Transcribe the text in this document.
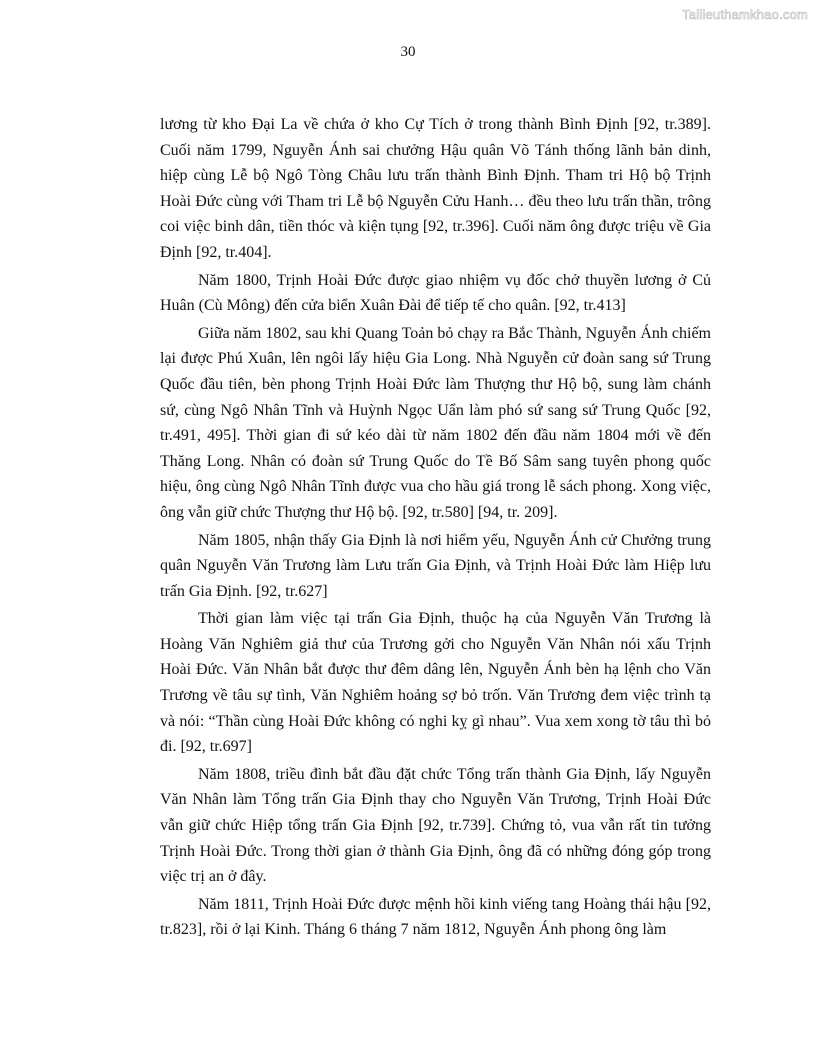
Tailieuthamkhao.com
30

lương từ kho Đại La về chứa ở kho Cự Tích ở trong thành Bình Định [92, tr.389]. Cuối năm 1799, Nguyễn Ánh sai chưởng Hậu quân Võ Tánh thống lãnh bản dinh, hiệp cùng Lễ bộ Ngô Tòng Châu lưu trấn thành Bình Định. Tham tri Hộ bộ Trịnh Hoài Đức cùng với Tham tri Lễ bộ Nguyễn Cửu Hanh… đều theo lưu trấn thần, trông coi việc binh dân, tiền thóc và kiện tụng [92, tr.396]. Cuối năm ông được triệu về Gia Định [92, tr.404].

Năm 1800, Trịnh Hoài Đức được giao nhiệm vụ đốc chở thuyền lương ở Củ Huân (Cù Mông) đến cửa biển Xuân Đài để tiếp tế cho quân. [92, tr.413]

Giữa năm 1802, sau khi Quang Toản bỏ chạy ra Bắc Thành, Nguyễn Ánh chiếm lại được Phú Xuân, lên ngôi lấy hiệu Gia Long. Nhà Nguyễn cử đoàn sang sứ Trung Quốc đầu tiên, bèn phong Trịnh Hoài Đức làm Thượng thư Hộ bộ, sung làm chánh sứ, cùng Ngô Nhân Tĩnh và Huỳnh Ngọc Uẩn làm phó sứ sang sứ Trung Quốc [92, tr.491, 495]. Thời gian đi sứ kéo dài từ năm 1802 đến đầu năm 1804 mới về đến Thăng Long. Nhân có đoàn sứ Trung Quốc do Tề Bố Sâm sang tuyên phong quốc hiệu, ông cùng Ngô Nhân Tĩnh được vua cho hầu giá trong lễ sách phong. Xong việc, ông vẫn giữ chức Thượng thư Hộ bộ. [92, tr.580] [94, tr. 209].

Năm 1805, nhận thấy Gia Định là nơi hiểm yếu, Nguyễn Ánh cử Chưởng trung quân Nguyễn Văn Trương làm Lưu trấn Gia Định, và Trịnh Hoài Đức làm Hiệp lưu trấn Gia Định. [92, tr.627]

Thời gian làm việc tại trấn Gia Định, thuộc hạ của Nguyễn Văn Trương là Hoàng Văn Nghiêm giả thư của Trương gởi cho Nguyễn Văn Nhân nói xấu Trịnh Hoài Đức. Văn Nhân bắt được thư đêm dâng lên, Nguyễn Ánh bèn hạ lệnh cho Văn Trương về tâu sự tình, Văn Nghiêm hoảng sợ bỏ trốn. Văn Trương đem việc trình tạ và nói: “Thần cùng Hoài Đức không có nghi kỵ gì nhau”. Vua xem xong tờ tâu thì bỏ đi. [92, tr.697]

Năm 1808, triều đình bắt đầu đặt chức Tổng trấn thành Gia Định, lấy Nguyễn Văn Nhân làm Tổng trấn Gia Định thay cho Nguyễn Văn Trương, Trịnh Hoài Đức vẫn giữ chức Hiệp tổng trấn Gia Định [92, tr.739]. Chứng tỏ, vua vẫn rất tin tưởng Trịnh Hoài Đức. Trong thời gian ở thành Gia Định, ông đã có những đóng góp trong việc trị an ở đây.

Năm 1811, Trịnh Hoài Đức được mệnh hồi kinh viếng tang Hoàng thái hậu [92, tr.823], rồi ở lại Kinh. Tháng 6 tháng 7 năm 1812, Nguyễn Ánh phong ông làm
